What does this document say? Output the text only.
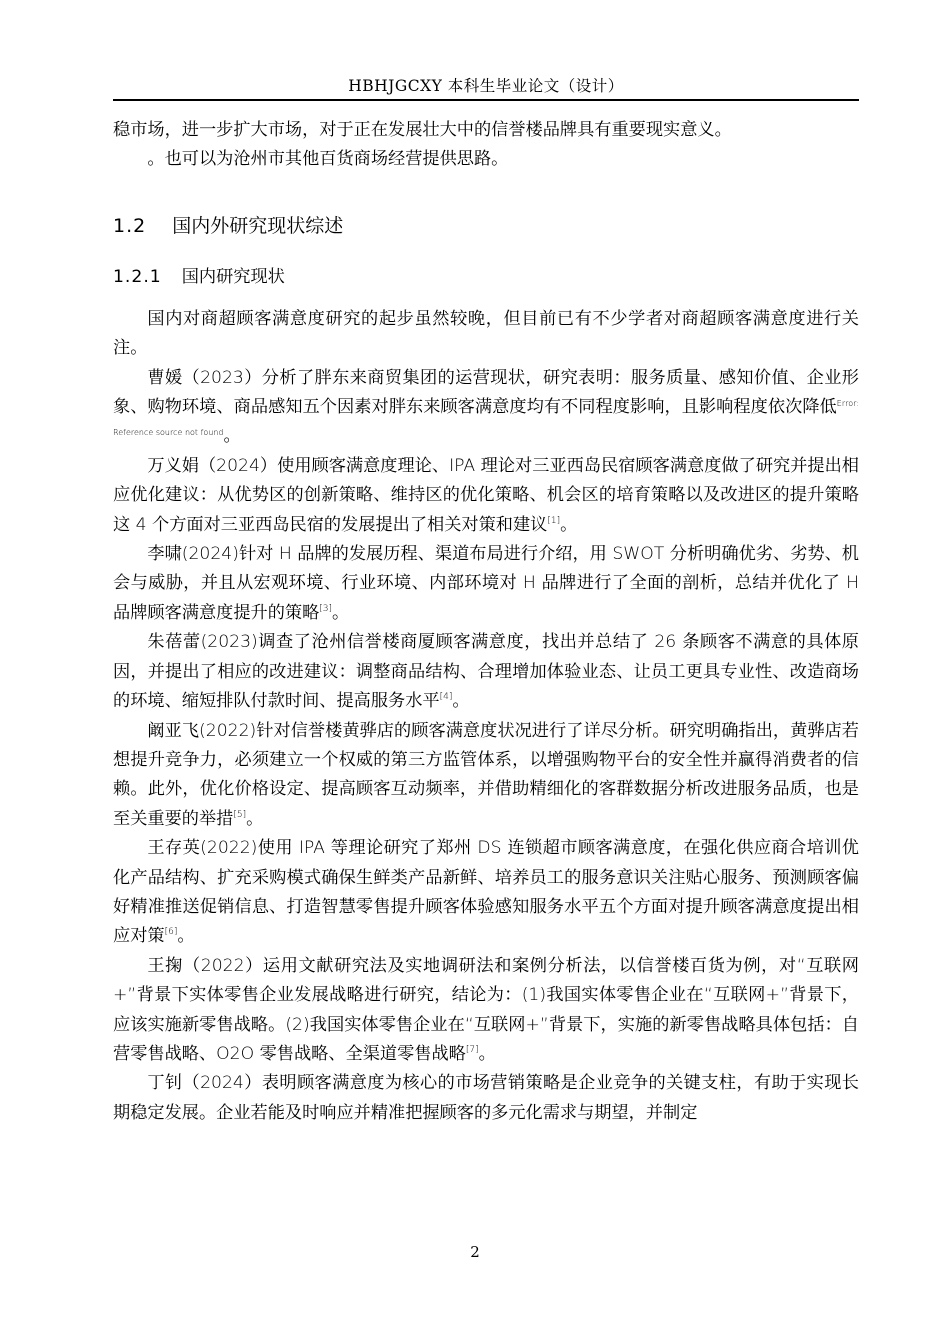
HBHJGCXY 本科生毕业论文（设计）

稳市场，进一步扩大市场，对于正在发展壮大中的信誉楼品牌具有重要现实意义。

。也可以为沧州市其他百货商场经营提供思路。

1.2 国内外研究现状综述
1.2.1 国内研究现状

国内对商超顾客满意度研究的起步虽然较晚，但目前已有不少学者对商超顾客满意度进行关注。

曹媛（2023）分析了胖东来商贸集团的运营现状，研究表明：服务质量、感知价值、企业形象、购物环境、商品感知五个因素对胖东来顾客满意度均有不同程度影响，且影响程度依次降低$^{Error: Reference source not found}$。

万义娟（2024）使用顾客满意度理论、IPA 理论对三亚西岛民宿顾客满意度做了研究并提出相应优化建议：从优势区的创新策略、维持区的优化策略、机会区的培育策略以及改进区的提升策略这 4 个方面对三亚西岛民宿的发展提出了相关对策和建议[1]。

李啸(2024)针对 H 品牌的发展历程、渠道布局进行介绍，用 SWOT 分析明确优劣、劣势、机会与威胁，并且从宏观环境、行业环境、内部环境对 H 品牌进行了全面的剖析，总结并优化了 H 品牌顾客满意度提升的策略[3]。

朱蓓蕾(2023)调查了沧州信誉楼商厦顾客满意度，找出并总结了 26 条顾客不满意的具体原因，并提出了相应的改进建议：调整商品结构、合理增加体验业态、让员工更具专业性、改造商场的环境、缩短排队付款时间、提高服务水平[4]。

阚亚飞(2022)针对信誉楼黄骅店的顾客满意度状况进行了详尽分析。研究明确指出，黄骅店若想提升竞争力，必须建立一个权威的第三方监管体系，以增强购物平台的安全性并赢得消费者的信赖。此外，优化价格设定、提高顾客互动频率，并借助精细化的客群数据分析改进服务品质，也是至关重要的举措[5]。

王存英(2022)使用 IPA 等理论研究了郑州 DS 连锁超市顾客满意度，在强化供应商合培训优化产品结构、扩充采购模式确保生鲜类产品新鲜、培养员工的服务意识关注贴心服务、预测顾客偏好精准推送促销信息、打造智慧零售提升顾客体验感知服务水平五个方面对提升顾客满意度提出相应对策[6]。

王掬（2022）运用文献研究法及实地调研法和案例分析法，以信誉楼百货为例，对“互联网+”背景下实体零售企业发展战略进行研究，结论为：(1)我国实体零售企业在“互联网+”背景下，应该实施新零售战略。(2)我国实体零售企业在“互联网+”背景下，实施的新零售战略具体包括：自营零售战略、O2O 零售战略、全渠道零售战略[7]。

丁钊（2024）表明顾客满意度为核心的市场营销策略是企业竞争的关键支柱，有助于实现长期稳定发展。企业若能及时响应并精准把握顾客的多元化需求与期望，并制定

2
